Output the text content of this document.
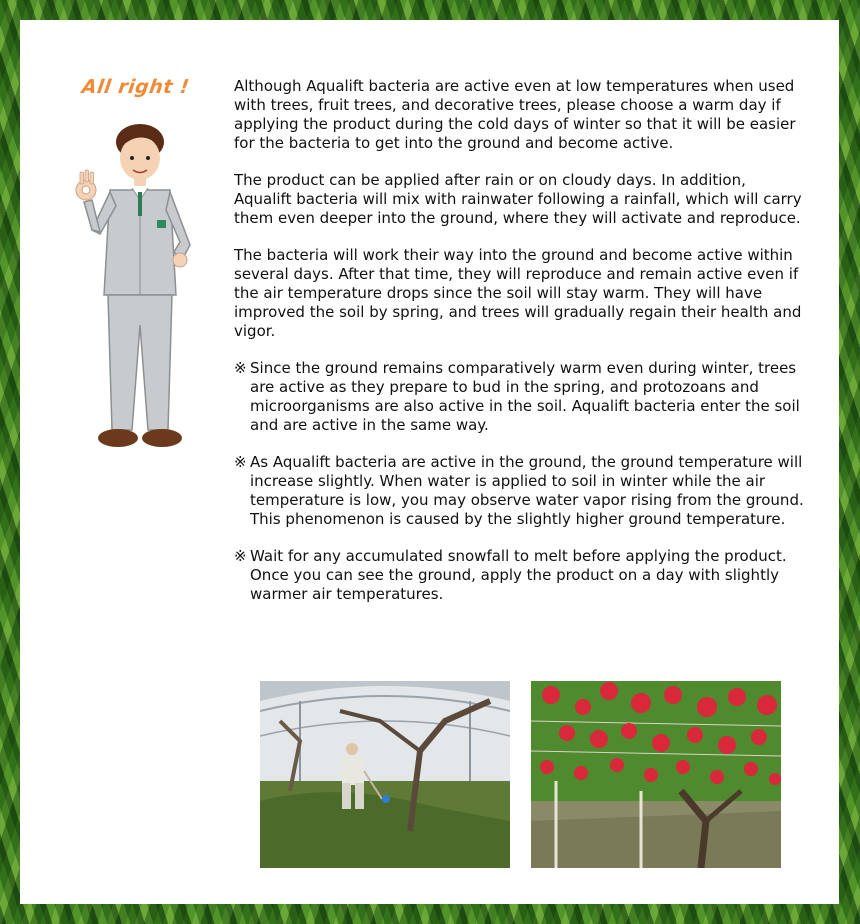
All right !	Although Aqualift bacteria are active even at low temperatures when used with trees, fruit trees, and decorative trees, please choose a warm day if applying the product during the cold days of winter so that it will be easier for the bacteria to get into the ground and become active.

The product can be applied after rain or on cloudy days. In addition, Aqualift bacteria will mix with rainwater following a rainfall, which will carry them even deeper into the ground, where they will activate and reproduce.

The bacteria will work their way into the ground and become active within several days. After that time, they will reproduce and remain active even if the air temperature drops since the soil will stay warm. They will have improved the soil by spring, and trees will gradually regain their health and vigor.

※ Since the ground remains comparatively warm even during winter, trees are active as they prepare to bud in the spring, and protozoans and microorganisms are also active in the soil. Aqualift bacteria enter the soil and are active in the same way.
※ As Aqualift bacteria are active in the ground, the ground temperature will increase slightly. When water is applied to soil in winter while the air temperature is low, you may observe water vapor rising from the ground. This phenomenon is caused by the slightly higher ground temperature.
※ Wait for any accumulated snowfall to melt before applying the product. Once you can see the ground, apply the product on a day with slightly warmer air temperatures.
